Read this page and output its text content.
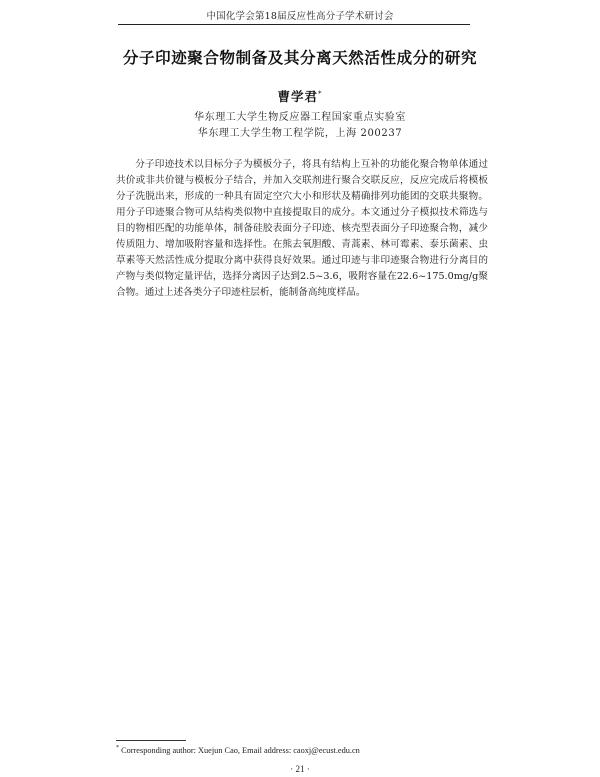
中国化学会第18届反应性高分子学术研讨会
分子印迹聚合物制备及其分离天然活性成分的研究
曹学君*
华东理工大学生物反应器工程国家重点实验室
华东理工大学生物工程学院，上海 200237

分子印迹技术以目标分子为模板分子，将具有结构上互补的功能化聚合物单体通过共价或非共价键与模板分子结合，并加入交联剂进行聚合交联反应，反应完成后将模板分子洗脱出来，形成的一种具有固定空穴大小和形状及精确排列功能团的交联共聚物。用分子印迹聚合物可从结构类似物中直接提取目的成分。本文通过分子模拟技术筛选与目的物相匹配的功能单体，制备硅胶表面分子印迹、核壳型表面分子印迹聚合物，减少传质阻力、增加吸附容量和选择性。在熊去氧胆酸、青蒿素、林可霉素、泰乐菌素、虫草素等天然活性成分提取分离中获得良好效果。通过印迹与非印迹聚合物进行分离目的产物与类似物定量评估，选择分离因子达到2.5~3.6，吸附容量在22.6~175.0mg/g聚合物。通过上述各类分子印迹柱层析，能制备高纯度样品。

* Corresponding author: Xuejun Cao, Email address: caoxj@ecust.edu.cn
· 21 ·
